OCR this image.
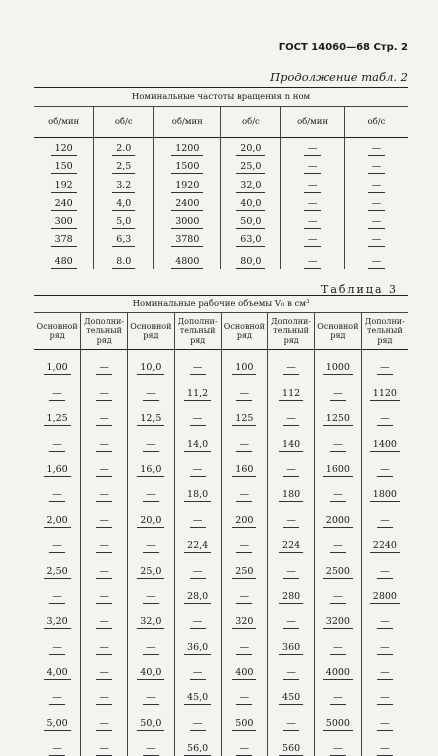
ГОСТ 14060—68 Стр. 2
Продолжение табл. 2
Номинальные частоты вращения n ном					
об/мин	об/с	об/мин	об/с	об/мин	об/с
120	2.0	1200	20,0	—	—
150	2,5	1500	25,0	—	—
192	3.2	1920	32,0	—	—
240	4,0	2400	40,0	—	—
300	5,0	3000	50,0	—	—
378	6,3	3780	63,0	—	—
480	8.0	4800	80,0	—	—
Таблица 3
Номинальные рабочие объемы V₀ в см³							
Основной ряд	Дополни-тельный ряд	Основной ряд	Дополни-тельный ряд	Основной ряд	Дополни-тельный ряд	Основной ряд	Дополни-тельный ряд
1,00	—	10,0	—	100	—	1000	—
—	—	—	11,2	—	112	—	1120
1,25	—	12,5	—	125	—	1250	—
—	—	—	14,0	—	140	—	1400
1,60	—	16,0	—	160	—	1600	—
—	—	—	18,0	—	180	—	1800
2,00	—	20,0	—	200	—	2000	—
—	—	—	22,4	—	224	—	2240
2,50	—	25,0	—	250	—	2500	—
—	—	—	28,0	—	280	—	2800
3,20	—	32,0	—	320	—	3200	—
—	—	—	36,0	—	360	—	—
4,00	—	40,0	—	400	—	4000	—
—	—	—	45,0	—	450	—	—
5,00	—	50,0	—	500	—	5000	—
—	—	—	56,0	—	560	—	—
